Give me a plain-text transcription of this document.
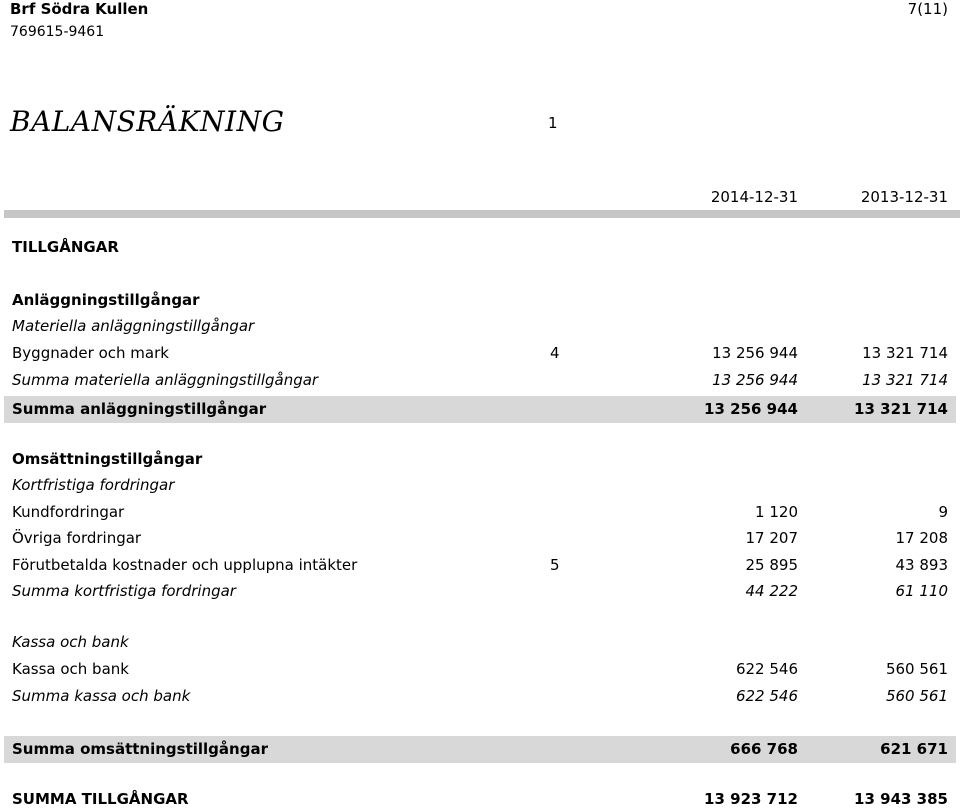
Brf Södra Kullen
769615-9461
7(11)
BALANSRÄKNING	1
2014-12-31	2013-12-31
TILLGÅNGAR
Anläggningstillgångar
Materiella anläggningstillgångar
Byggnader och mark	4	13 256 944	13 321 714
Summa materiella anläggningstillgångar	13 256 944	13 321 714
Summa anläggningstillgångar	13 256 944	13 321 714
Omsättningstillgångar
Kortfristiga fordringar
Kundfordringar	1 120	9
Övriga fordringar	17 207	17 208
Förutbetalda kostnader och upplupna intäkter	5	25 895	43 893
Summa kortfristiga fordringar	44 222	61 110
Kassa och bank
Kassa och bank	622 546	560 561
Summa kassa och bank	622 546	560 561
Summa omsättningstillgångar	666 768	621 671
SUMMA TILLGÅNGAR	13 923 712	13 943 385
